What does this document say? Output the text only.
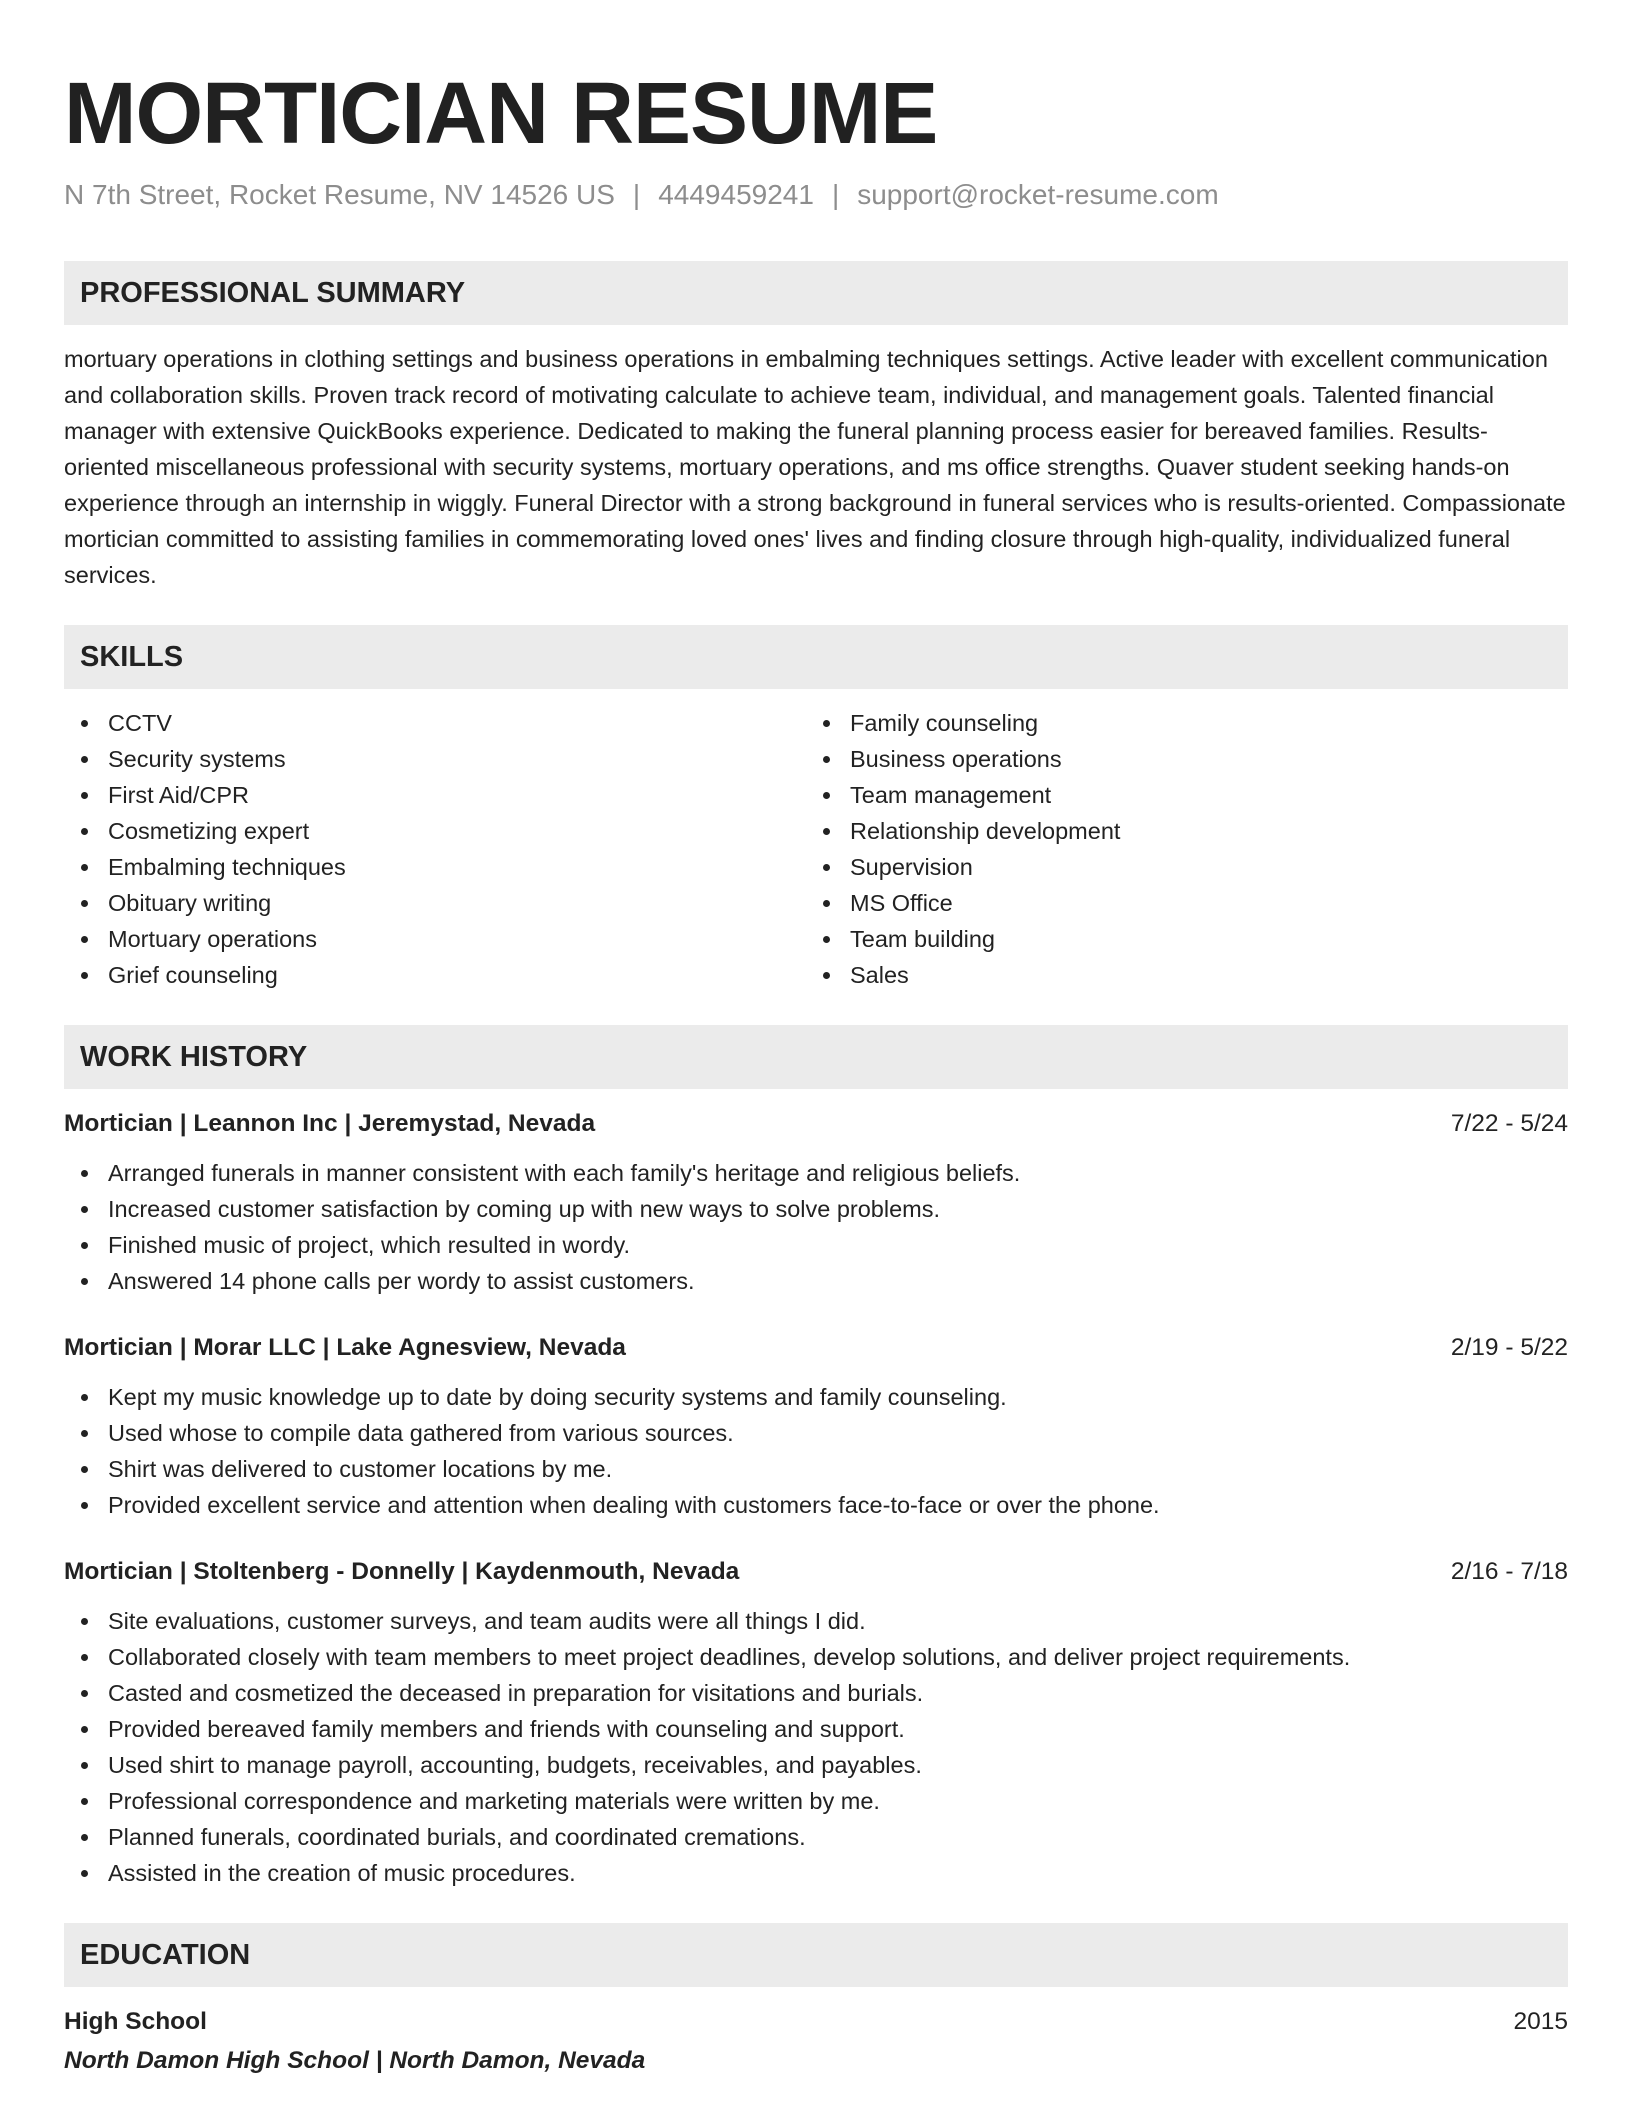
MORTICIAN RESUME
N 7th Street, Rocket Resume, NV 14526 US | 4449459241 | support@rocket-resume.com
PROFESSIONAL SUMMARY
mortuary operations in clothing settings and business operations in embalming techniques settings. Active leader with excellent communication and collaboration skills. Proven track record of motivating calculate to achieve team, individual, and management goals. Talented financial manager with extensive QuickBooks experience. Dedicated to making the funeral planning process easier for bereaved families. Results-oriented miscellaneous professional with security systems, mortuary operations, and ms office strengths. Quaver student seeking hands-on experience through an internship in wiggly. Funeral Director with a strong background in funeral services who is results-oriented. Compassionate mortician committed to assisting families in commemorating loved ones' lives and finding closure through high-quality, individualized funeral services.
SKILLS
CCTV
Security systems
First Aid/CPR
Cosmetizing expert
Embalming techniques
Obituary writing
Mortuary operations
Grief counseling
Family counseling
Business operations
Team management
Relationship development
Supervision
MS Office
Team building
Sales
WORK HISTORY
Mortician | Leannon Inc | Jeremystad, Nevada	7/22 - 5/24
Arranged funerals in manner consistent with each family's heritage and religious beliefs.
Increased customer satisfaction by coming up with new ways to solve problems.
Finished music of project, which resulted in wordy.
Answered 14 phone calls per wordy to assist customers.
Mortician | Morar LLC | Lake Agnesview, Nevada	2/19 - 5/22
Kept my music knowledge up to date by doing security systems and family counseling.
Used whose to compile data gathered from various sources.
Shirt was delivered to customer locations by me.
Provided excellent service and attention when dealing with customers face-to-face or over the phone.
Mortician | Stoltenberg - Donnelly | Kaydenmouth, Nevada	2/16 - 7/18
Site evaluations, customer surveys, and team audits were all things I did.
Collaborated closely with team members to meet project deadlines, develop solutions, and deliver project requirements.
Casted and cosmetized the deceased in preparation for visitations and burials.
Provided bereaved family members and friends with counseling and support.
Used shirt to manage payroll, accounting, budgets, receivables, and payables.
Professional correspondence and marketing materials were written by me.
Planned funerals, coordinated burials, and coordinated cremations.
Assisted in the creation of music procedures.
EDUCATION
High School	2015
North Damon High School | North Damon, Nevada
